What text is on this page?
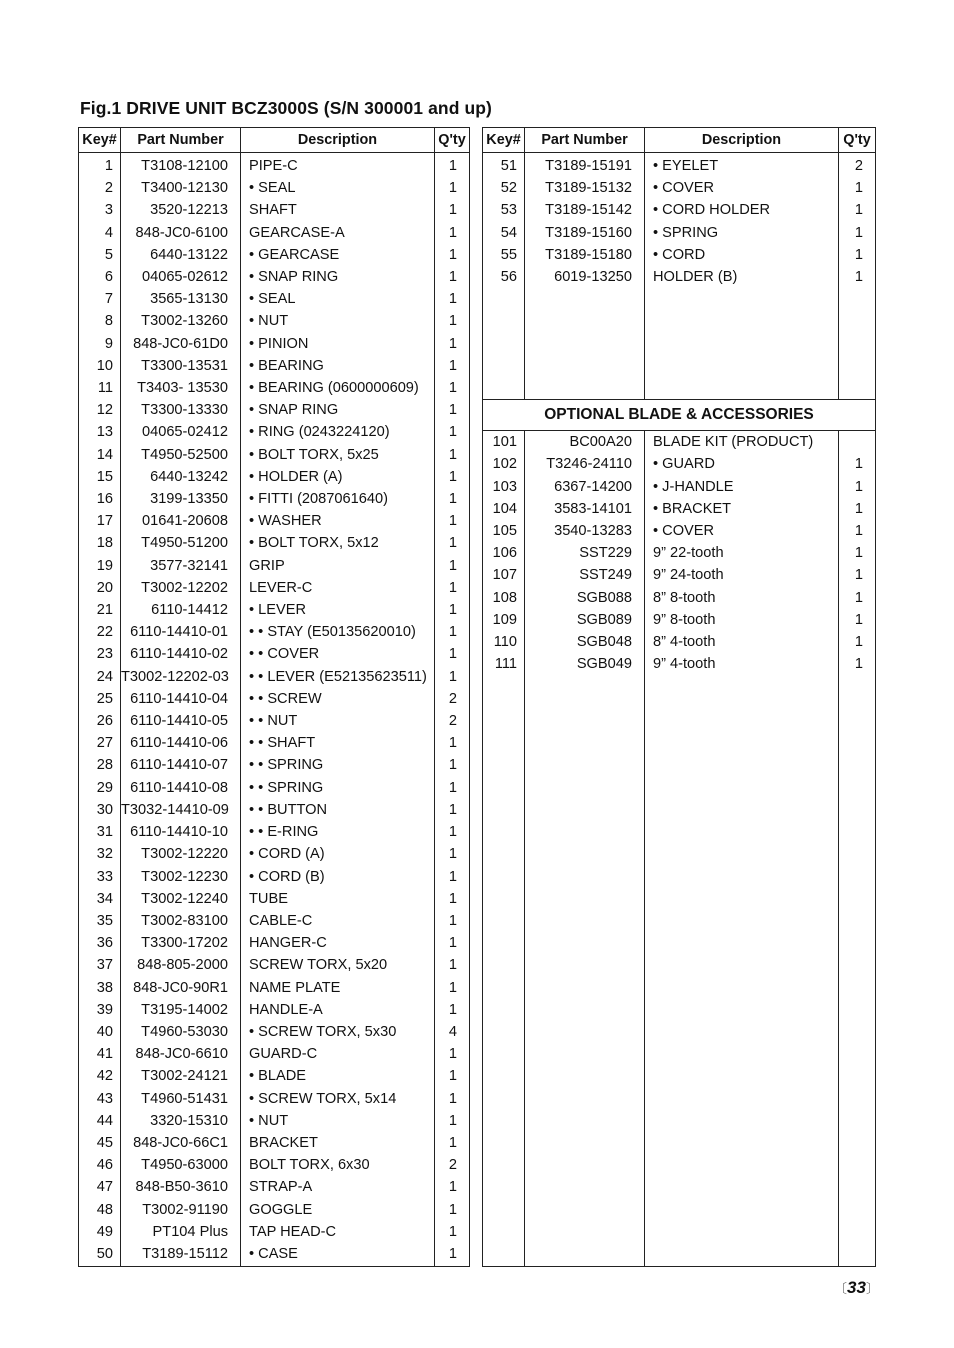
Fig.1 DRIVE UNIT BCZ3000S (S/N 300001 and up)
Key#	Part Number	Description	Q'ty
1	T3108-12100	PIPE-C	1
2	T3400-12130	• SEAL	1
3	3520-12213	SHAFT	1
4	848-JC0-6100	GEARCASE-A	1
5	6440-13122	• GEARCASE	1
6	04065-02612	• SNAP RING	1
7	3565-13130	• SEAL	1
8	T3002-13260	• NUT	1
9	848-JC0-61D0	• PINION	1
10	T3300-13531	• BEARING	1
11	T3403- 13530	• BEARING (0600000609)	1
12	T3300-13330	• SNAP RING	1
13	04065-02412	• RING (0243224120)	1
14	T4950-52500	• BOLT TORX, 5x25	1
15	6440-13242	• HOLDER (A)	1
16	3199-13350	• FITTI (2087061640)	1
17	01641-20608	• WASHER	1
18	T4950-51200	• BOLT TORX, 5x12	1
19	3577-32141	GRIP	1
20	T3002-12202	LEVER-C	1
21	6110-14412	• LEVER	1
22	6110-14410-01	• • STAY (E50135620010)	1
23	6110-14410-02	• • COVER	1
24	T3002-12202-03	• • LEVER (E52135623511)	1
25	6110-14410-04	• • SCREW	2
26	6110-14410-05	• • NUT	2
27	6110-14410-06	• • SHAFT	1
28	6110-14410-07	• • SPRING	1
29	6110-14410-08	• • SPRING	1
30	T3032-14410-09	• • BUTTON	1
31	6110-14410-10	• • E-RING	1
32	T3002-12220	• CORD (A)	1
33	T3002-12230	• CORD (B)	1
34	T3002-12240	TUBE	1
35	T3002-83100	CABLE-C	1
36	T3300-17202	HANGER-C	1
37	848-805-2000	SCREW TORX, 5x20	1
38	848-JC0-90R1	NAME PLATE	1
39	T3195-14002	HANDLE-A	1
40	T4960-53030	• SCREW TORX, 5x30	4
41	848-JC0-6610	GUARD-C	1
42	T3002-24121	• BLADE	1
43	T4960-51431	• SCREW TORX, 5x14	1
44	3320-15310	• NUT	1
45	848-JC0-66C1	BRACKET	1
46	T4950-63000	BOLT TORX, 6x30	2
47	848-B50-3610	STRAP-A	1
48	T3002-91190	GOGGLE	1
49	PT104 Plus	TAP HEAD-C	1
50	T3189-15112	• CASE	1

Key#	Part Number	Description	Q'ty
51	T3189-15191	• EYELET	2
52	T3189-15132	• COVER	1
53	T3189-15142	• CORD HOLDER	1
54	T3189-15160	• SPRING	1
55	T3189-15180	• CORD	1
56	6019-13250	HOLDER (B)	1

OPTIONAL BLADE & ACCESSORIES			
101	BC00A20	BLADE KIT (PRODUCT)	
102	T3246-24110	• GUARD	1
103	6367-14200	• J-HANDLE	1
104	3583-14101	• BRACKET	1
105	3540-13283	• COVER	1
106	SST229	9” 22-tooth	1
107	SST249	9” 24-tooth	1
108	SGB088	8” 8-tooth	1
109	SGB089	9” 8-tooth	1
110	SGB048	8” 4-tooth	1
111	SGB049	9” 4-tooth	1

〔33〕
